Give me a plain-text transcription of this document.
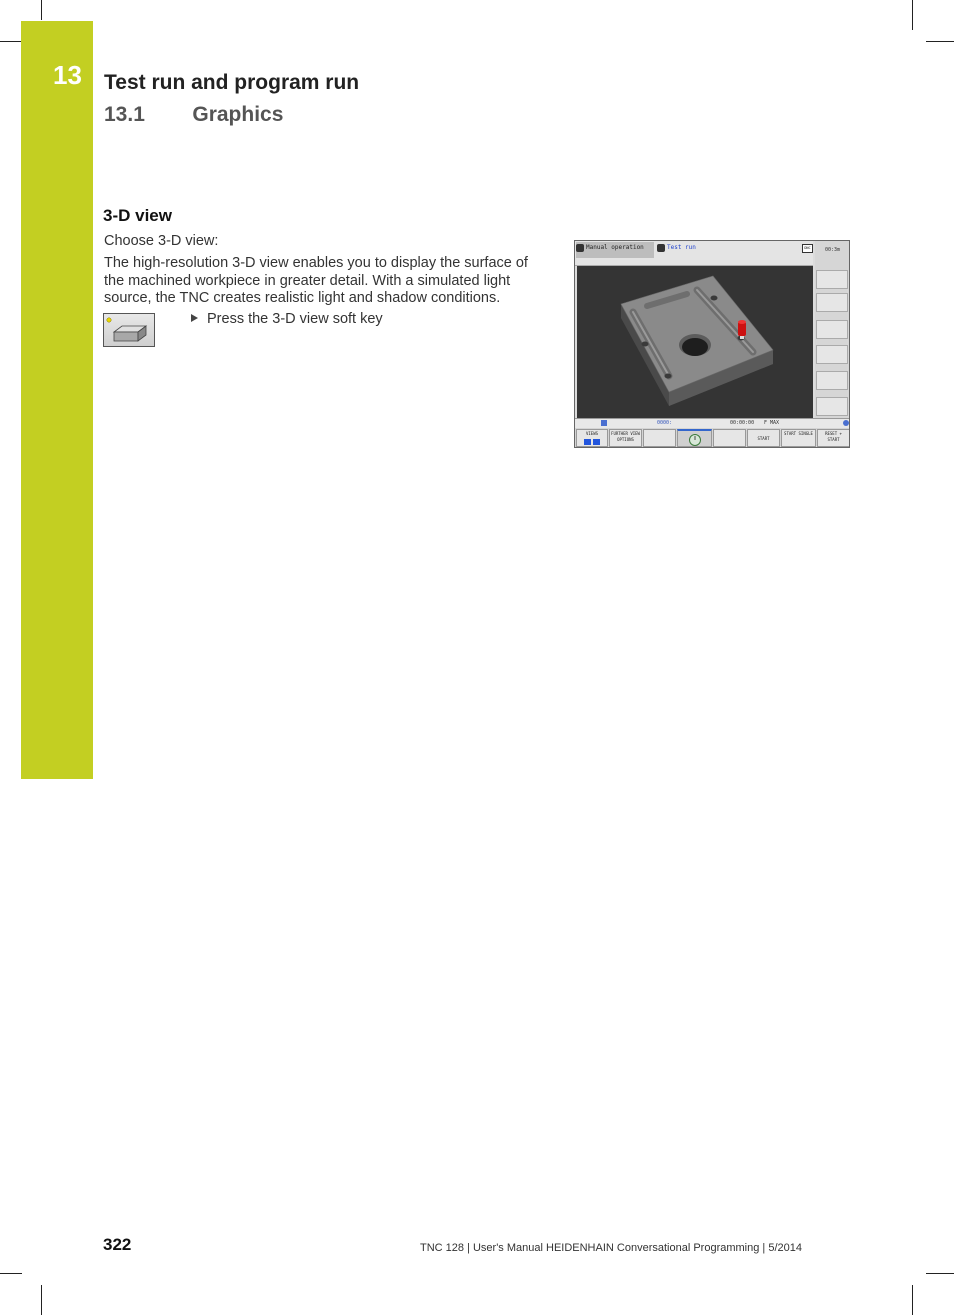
13	Test run and program run
13.1   Graphics
3-D view
Choose 3-D view:
The high-resolution 3-D view enables you to display the surface of the machined workpiece in greater detail. With a simulated light source, the TNC creates realistic light and shadow conditions.
Press the 3-D view soft key
Manual operation	Test run	DNC	00:3m
0000:	00:00:00 F MAX
VIEWS
	FURTHER VIEW OPTIONS	START
START SINGLE	RESET + START
322	TNC 128 | User's Manual HEIDENHAIN Conversational Programming | 5/2014
